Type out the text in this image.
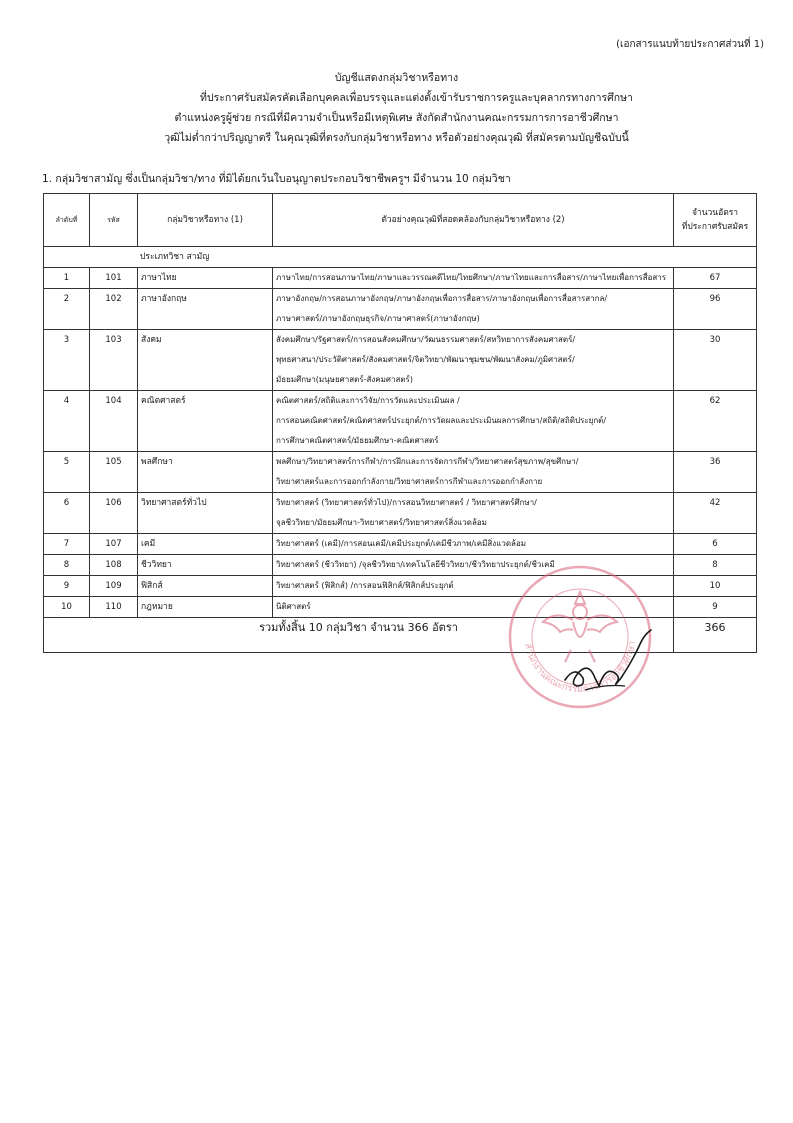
(เอกสารแนบท้ายประกาศส่วนที่ 1)
บัญชีแสดงกลุ่มวิชาหรือทาง
ที่ประกาศรับสมัครคัดเลือกบุคคลเพื่อบรรจุและแต่งตั้งเข้ารับราชการครูและบุคลากรทางการศึกษา
ตำแหน่งครูผู้ช่วย กรณีที่มีความจำเป็นหรือมีเหตุพิเศษ สังกัดสำนักงานคณะกรรมการการอาชีวศึกษา
วุฒิไม่ต่ำกว่าปริญญาตรี ในคุณวุฒิที่ตรงกับกลุ่มวิชาหรือทาง หรือตัวอย่างคุณวุฒิ ที่สมัครตามบัญชีฉบับนี้
1. กลุ่มวิชาสามัญ ซึ่งเป็นกลุ่มวิชา/ทาง ที่มิได้ยกเว้นใบอนุญาตประกอบวิชาชีพครูฯ มีจำนวน 10 กลุ่มวิชา
ลำดับที่	รหัส	กลุ่มวิชาหรือทาง (1)	ตัวอย่างคุณวุฒิที่สอดคล้องกับกลุ่มวิชาหรือทาง (2)	จำนวนอัตรา
ที่ประกาศรับสมัคร
ประเภทวิชา สามัญ				
1	101	ภาษาไทย	ภาษาไทย/การสอนภาษาไทย/ภาษาและวรรณคดีไทย/ไทยศึกษา/ภาษาไทยและการสื่อสาร/ภาษาไทยเพื่อการสื่อสาร	67
2	102	ภาษาอังกฤษ	ภาษาอังกฤษ/การสอนภาษาอังกฤษ/ภาษาอังกฤษเพื่อการสื่อสาร/ภาษาอังกฤษเพื่อการสื่อสารสากล/
ภาษาศาสตร์/ภาษาอังกฤษธุรกิจ/ภาษาศาสตร์(ภาษาอังกฤษ)	96
3	103	สังคม	สังคมศึกษา/รัฐศาสตร์/การสอนสังคมศึกษา/วัฒนธรรมศาสตร์/สหวิทยาการสังคมศาสตร์/
พุทธศาสนา/ประวัติศาสตร์/สังคมศาสตร์/จิตวิทยา/พัฒนาชุมชน/พัฒนาสังคม/ภูมิศาสตร์/
มัธยมศึกษา(มนุษยศาสตร์-สังคมศาสตร์)	30
4	104	คณิตศาสตร์	คณิตศาสตร์/สถิติและการวิจัย/การวัดและประเมินผล /
การสอนคณิตศาสตร์/คณิตศาสตร์ประยุกต์/การวัดผลและประเมินผลการศึกษา/สถิติ/สถิติประยุกต์/
การศึกษาคณิตศาสตร์/มัธยมศึกษา-คณิตศาสตร์	62
5	105	พลศึกษา	พลศึกษา/วิทยาศาสตร์การกีฬา/การฝึกและการจัดการกีฬา/วิทยาศาสตร์สุขภาพ/สุขศึกษา/
วิทยาศาสตร์และการออกกำลังกาย/วิทยาศาสตร์การกีฬาและการออกกำลังกาย	36
6	106	วิทยาศาสตร์ทั่วไป	วิทยาศาสตร์ (วิทยาศาสตร์ทั่วไป)/การสอนวิทยาศาสตร์ / วิทยาศาสตร์ศึกษา/
จุลชีววิทยา/มัธยมศึกษา-วิทยาศาสตร์/วิทยาศาสตร์สิ่งแวดล้อม	42
7	107	เคมี	วิทยาศาสตร์ (เคมี)/การสอนเคมี/เคมีประยุกต์/เคมีชีวภาพ/เคมีสิ่งแวดล้อม	6
8	108	ชีววิทยา	วิทยาศาสตร์ (ชีววิทยา) /จุลชีววิทยา/เทคโนโลยีชีววิทยา/ชีววิทยาประยุกต์/ชีวเคมี	8
9	109	ฟิสิกส์	วิทยาศาสตร์ (ฟิสิกส์) /การสอนฟิสิกส์/ฟิสิกส์ประยุกต์	10
10	110	กฎหมาย	นิติศาสตร์	9
รวมทั้งสิ้น 10 กลุ่มวิชา จำนวน 366 อัตรา				366
สำนักงานคณะกรรมการการอาชีวศึกษา
